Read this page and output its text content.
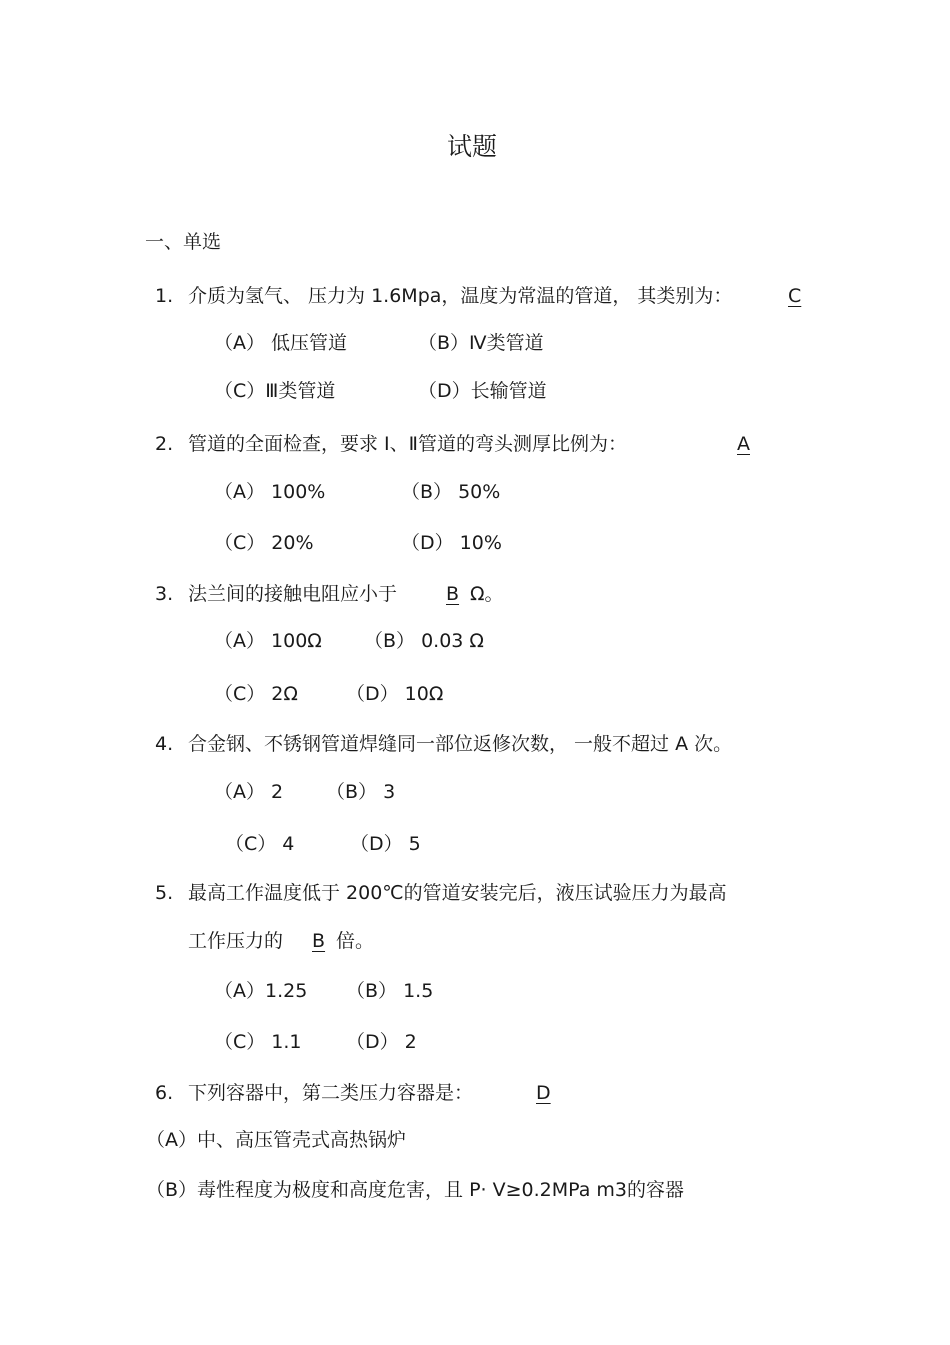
试题
一、单选
1. 介质为氢气、 压力为 1.6Mpa，温度为常温的管道， 其类别为：	C
（A） 低压管道	（B）Ⅳ类管道
（C）Ⅲ类管道	（D）长输管道
2. 管道的全面检查，要求 Ⅰ、Ⅱ管道的弯头测厚比例为：	A
（A） 100%	（B） 50%
（C） 20%	（D） 10%
3. 法兰间的接触电阻应小于	B Ω。
（A） 100Ω （B） 0.03 Ω
（C） 2Ω	（D） 10Ω
4. 合金钢、不锈钢管道焊缝同一部位返修次数， 一般不超过 A 次。
（A） 2 （B） 3
（C） 4	（D） 5
5. 最高工作温度低于 200℃的管道安装完后，液压试验压力为最高
工作压力的 B 倍。
（A）1.25 （B） 1.5
（C） 1.1 （D） 2
6. 下列容器中，第二类压力容器是：	D
（A）中、高压管壳式高热锅炉
（B）毒性程度为极度和高度危害，且 P· V≥0.2MPa m3的容器
